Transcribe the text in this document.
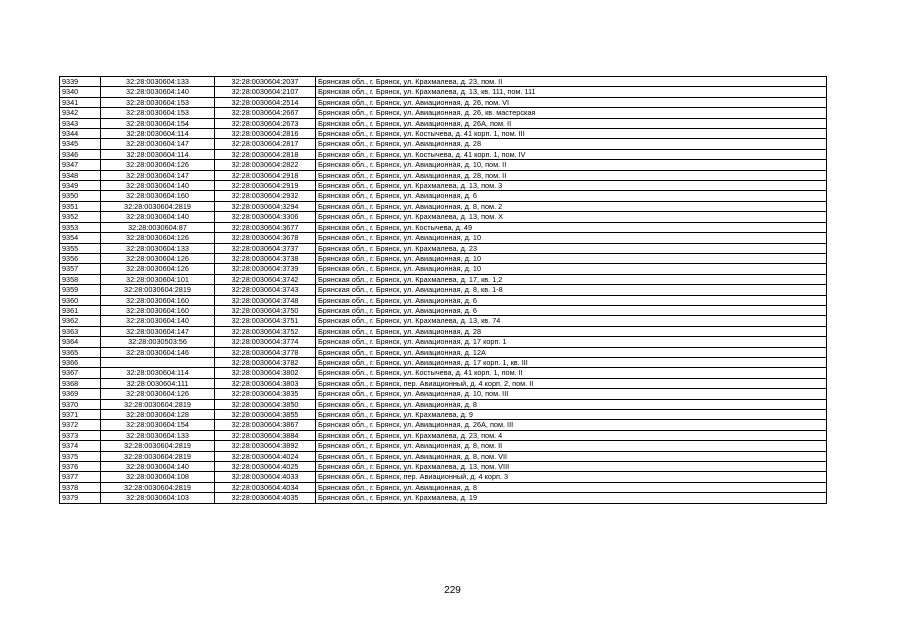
9339	32:28:0030604:133	32:28:0030604:2037	Брянская обл., г. Брянск, ул. Крахмалева, д. 23, пом. II
9340	32:28:0030604:140	32:28:0030604:2107	Брянская обл., г. Брянск, ул. Крахмалева, д. 13, кв. 111, пом. 111
9341	32:28:0030604:153	32:28:0030604:2514	Брянская обл., г. Брянск, ул. Авиационная, д. 26, пом. VI
9342	32:28:0030604:153	32:28:0030604:2667	Брянская обл., г. Брянск, ул. Авиационная, д. 26, кв. мастерская
9343	32:28:0030604:154	32:28:0030604:2673	Брянская обл., г. Брянск, ул. Авиационная, д. 26А, пом. II
9344	32:28:0030604:114	32:28:0030604:2816	Брянская обл., г. Брянск, ул. Костычева, д. 41 корп. 1, пом. III
9345	32:28:0030604:147	32:28:0030604:2817	Брянская обл., г. Брянск, ул. Авиационная, д. 28
9346	32:28:0030604:114	32:28:0030604:2818	Брянская обл., г. Брянск, ул. Костычева, д. 41 корп. 1, пом. IV
9347	32:28:0030604:126	32:28:0030604:2822	Брянская обл., г. Брянск, ул. Авиационная, д. 10, пом. II
9348	32:28:0030604:147	32:28:0030604:2918	Брянская обл., г. Брянск, ул. Авиационная, д. 28, пом. II
9349	32:28:0030604:140	32:28:0030604:2919	Брянская обл., г. Брянск, ул. Крахмалева, д. 13, пом. 3
9350	32:28:0030604:160	32:28:0030604:2932	Брянская обл., г. Брянск, ул. Авиационная, д. 6
9351	32:28:0030604:2819	32:28:0030604:3294	Брянская обл., г. Брянск, ул. Авиационная, д. 8, пом. 2
9352	32:28:0030604:140	32:28:0030604:3306	Брянская обл., г. Брянск, ул. Крахмалева, д. 13, пом. X
9353	32:28:0030604:87	32:28:0030604:3677	Брянская обл., г. Брянск, ул. Костычева, д. 49
9354	32:28:0030604:126	32:28:0030604:3678	Брянская обл., г. Брянск, ул. Авиационная, д. 10
9355	32:28:0030604:133	32:28:0030604:3737	Брянская обл., г. Брянск, ул. Крахмалева, д. 23
9356	32:28:0030604:126	32:28:0030604:3738	Брянская обл., г. Брянск, ул. Авиационная, д. 10
9357	32:28:0030604:126	32:28:0030604:3739	Брянская обл., г. Брянск, ул. Авиационная, д. 10
9358	32:28:0030604:101	32:28:0030604:3742	Брянская обл., г. Брянск, ул. Крахмалева, д. 17, кв. 1,2
9359	32:28:0030604:2819	32:28:0030604:3743	Брянская обл., г. Брянск, ул. Авиационная, д. 8, кв. 1-8
9360	32:28:0030604:160	32:28:0030604:3748	Брянская обл., г. Брянск, ул. Авиационная, д. 6
9361	32:28:0030604:160	32:28:0030604:3750	Брянская обл., г. Брянск, ул. Авиационная, д. 6
9362	32:28:0030604:140	32:28:0030604:3751	Брянская обл., г. Брянск, ул. Крахмалева, д. 13, кв. 74
9363	32:28:0030604:147	32:28:0030604:3752	Брянская обл., г. Брянск, ул. Авиационная, д. 28
9364	32:28:0030503:56	32:28:0030604:3774	Брянская обл., г. Брянск, ул. Авиационная, д. 17 корп. 1
9365	32:28:0030604:146	32:28:0030604:3778	Брянская обл., г. Брянск, ул. Авиационная, д. 12А
9366		32:28:0030604:3782	Брянская обл., г. Брянск, ул. Авиационная, д. 17 корп. 1, кв. III
9367	32:28:0030604:114	32:28:0030604:3802	Брянская обл., г. Брянск, ул. Костычева, д. 41 корп. 1, пом. II
9368	32:28:0030604:111	32:28:0030604:3803	Брянская обл., г. Брянск, пер. Авиационный, д. 4 корп. 2, пом. II
9369	32:28:0030604:126	32:28:0030604:3835	Брянская обл., г. Брянск, ул. Авиационная, д. 10, пом. III
9370	32:28:0030604:2819	32:28:0030604:3850	Брянская обл., г. Брянск, ул. Авиационная, д. 8
9371	32:28:0030604:128	32:28:0030604:3855	Брянская обл., г. Брянск, ул. Крахмалева, д. 9
9372	32:28:0030604:154	32:28:0030604:3867	Брянская обл., г. Брянск, ул. Авиационная, д. 26А, пом. III
9373	32:28:0030604:133	32:28:0030604:3884	Брянская обл., г. Брянск, ул. Крахмалева, д. 23, пом. 4
9374	32:28:0030604:2819	32:28:0030604:3892	Брянская обл., г. Брянск, ул. Авиационная, д. 8, пом. II
9375	32:28:0030604:2819	32:28:0030604:4024	Брянская обл., г. Брянск, ул. Авиационная, д. 8, пом. VII
9376	32:28:0030604:140	32:28:0030604:4025	Брянская обл., г. Брянск, ул. Крахмалева, д. 13, пом. VIII
9377	32:28:0030604:108	32:28:0030604:4033	Брянская обл., г. Брянск, пер. Авиационный, д. 4 корп. 3
9378	32:28:0030604:2819	32:28:0030604:4034	Брянская обл., г. Брянск, ул. Авиационная, д. 8
9379	32:28:0030604:103	32:28:0030604:4035	Брянская обл., г. Брянск, ул. Крахмалева, д. 19
229
